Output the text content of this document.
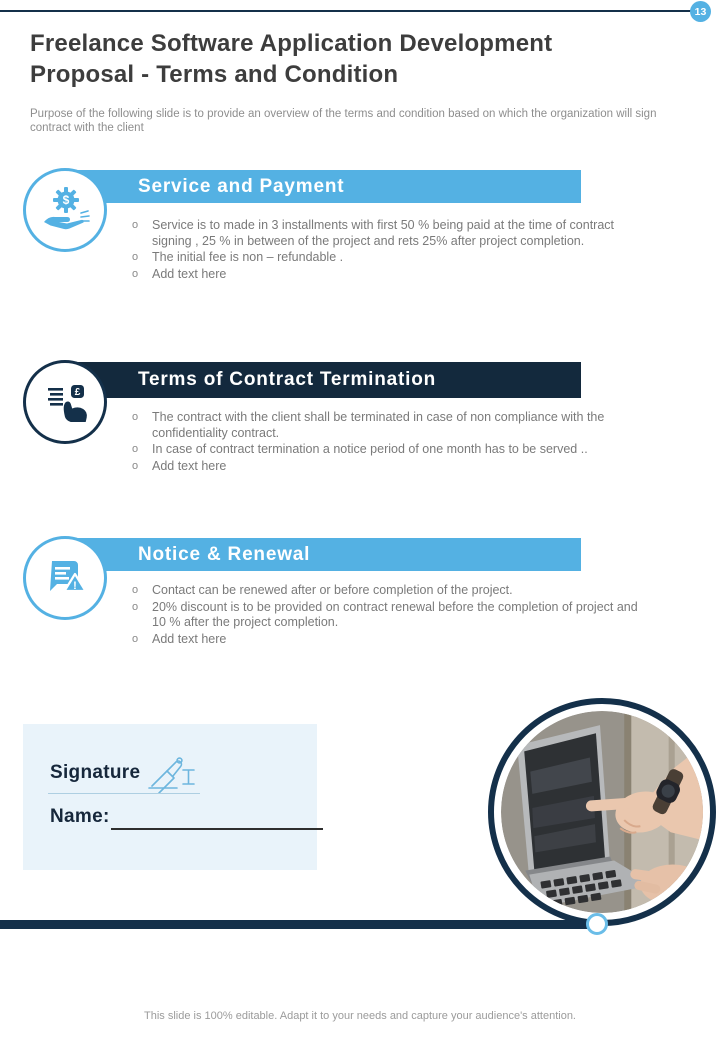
13
Freelance Software Application Development
Proposal - Terms and Condition
Purpose of the following slide is to provide an overview of the terms and condition based on which the organization will sign contract with the client
$
Service and Payment
o Service is to made in 3 installments with first 50 % being paid at the time of contract signing , 25 % in between of the project and rets 25% after project completion.
o The initial fee is non – refundable .
o Add text here
£
Terms of Contract Termination
o The contract with the client shall be terminated in case of non compliance with the confidentiality contract.
o In case of contract termination a notice period of one month has to be served ..
o Add text here
!
Notice & Renewal
o Contact can be renewed after or before completion of the project.
o 20% discount is to be provided on contract renewal before the completion of project and 10 % after the project completion.
o Add text here
Signature
Name:
This slide is 100% editable. Adapt it to your needs and capture your audience's attention.
